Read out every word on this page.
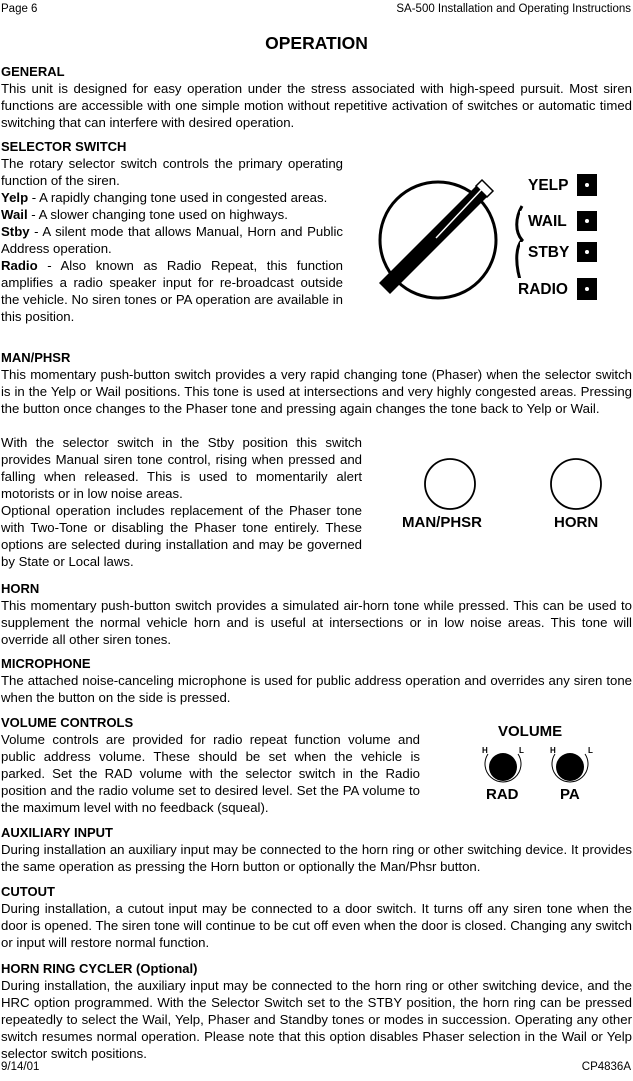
Page 6	SA-500 Installation and Operating Instructions
OPERATION
GENERAL
This unit is designed for easy operation under the stress associated with high-speed pursuit. Most siren functions are accessible with one simple motion without repetitive activation of switches or automatic timed switching that can interfere with desired operation.
SELECTOR SWITCH
The rotary selector switch controls the primary operating function of the siren.
Yelp - A rapidly changing tone used in congested areas.
Wail - A slower changing tone used on highways.
Stby - A silent mode that allows Manual, Horn and Public Address operation.
Radio - Also known as Radio Repeat, this function amplifies a radio speaker input for re-broadcast outside the vehicle. No siren tones or PA operation are available in this position.
YELP
WAIL
STBY
RADIO
MAN/PHSR
This momentary push-button switch provides a very rapid changing tone (Phaser) when the selector switch is in the Yelp or Wail positions. This tone is used at intersections and very highly congested areas. Pressing the button once changes to the Phaser tone and pressing again changes the tone back to Yelp or Wail.
With the selector switch in the Stby position this switch provides Manual siren tone control, rising when pressed and falling when released. This is used to momentarily alert motorists or in low noise areas.
Optional operation includes replacement of the Phaser tone with Two-Tone or disabling the Phaser tone entirely. These options are selected during installation and may be governed by State or Local laws.
MAN/PHSR	HORN
HORN
This momentary push-button switch provides a simulated air-horn tone while pressed. This can be used to supplement the normal vehicle horn and is useful at intersections or in low noise areas. This tone will override all other siren tones.
MICROPHONE
The attached noise-canceling microphone is used for public address operation and overrides any siren tone when the button on the side is pressed.
VOLUME CONTROLS
Volume controls are provided for radio repeat function volume and public address volume. These should be set when the vehicle is parked. Set the RAD volume with the selector switch in the Radio position and the radio volume set to desired level. Set the PA volume to the maximum level with no feedback (squeal).
VOLUME
H	L	H	L
RAD	PA
AUXILIARY INPUT
During installation an auxiliary input may be connected to the horn ring or other switching device. It provides the same operation as pressing the Horn button or optionally the Man/Phsr button.
CUTOUT
During installation, a cutout input may be connected to a door switch. It turns off any siren tone when the door is opened. The siren tone will continue to be cut off even when the door is closed. Changing any switch or input will restore normal function.
HORN RING CYCLER (Optional)
During installation, the auxiliary input may be connected to the horn ring or other switching device, and the HRC option programmed. With the Selector Switch set to the STBY position, the horn ring can be pressed repeatedly to select the Wail, Yelp, Phaser and Standby tones or modes in succession. Operating any other switch resumes normal operation. Please note that this option disables Phaser selection in the Wail or Yelp selector switch positions.
9/14/01	CP4836A
